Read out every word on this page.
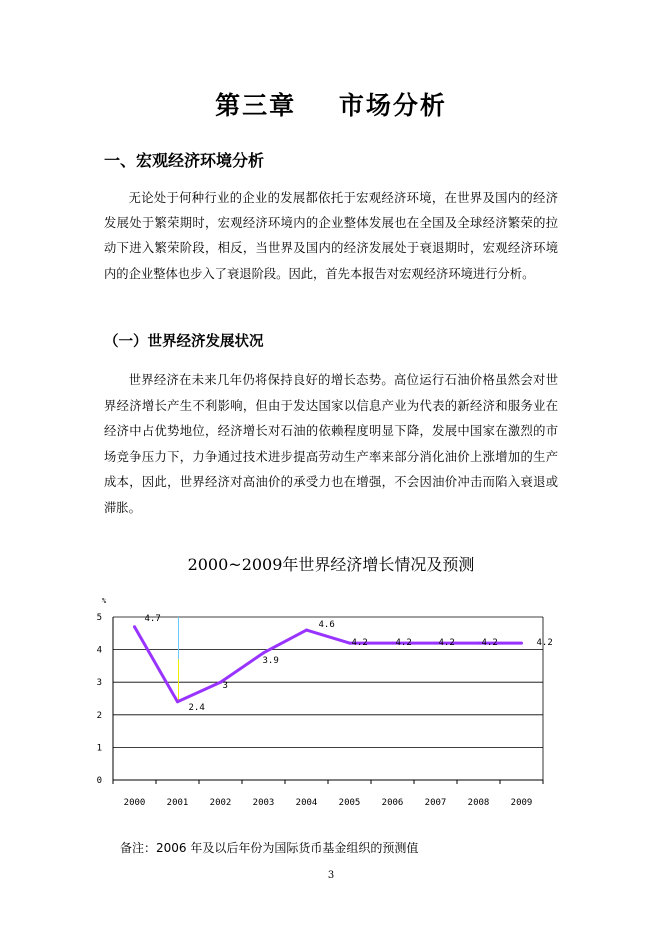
第三章    市场分析
一、宏观经济环境分析
无论处于何种行业的企业的发展都依托于宏观经济环境，在世界及国内的经济发展处于繁荣期时，宏观经济环境内的企业整体发展也在全国及全球经济繁荣的拉动下进入繁荣阶段，相反，当世界及国内的经济发展处于衰退期时，宏观经济环境内的企业整体也步入了衰退阶段。因此，首先本报告对宏观经济环境进行分析。
（一）世界经济发展状况
世界经济在未来几年仍将保持良好的增长态势。高位运行石油价格虽然会对世界经济增长产生不利影响，但由于发达国家以信息产业为代表的新经济和服务业在经济中占优势地位，经济增长对石油的依赖程度明显下降，发展中国家在激烈的市场竞争压力下，力争通过技术进步提高劳动生产率来部分消化油价上涨增加的生产成本，因此，世界经济对高油价的承受力也在增强，不会因油价冲击而陷入衰退或滞胀。
2000~2009年世界经济增长情况及预测
0
1
2
3
4
5
%
2000 2001 2002 2003 2004 2005 2006 2007 2008 2009
4.7
2.4
3
3.9
4.6
4.2	4.2	4.2	4.2	4.2
备注：2006 年及以后年份为国际货币基金组织的预测值
3
